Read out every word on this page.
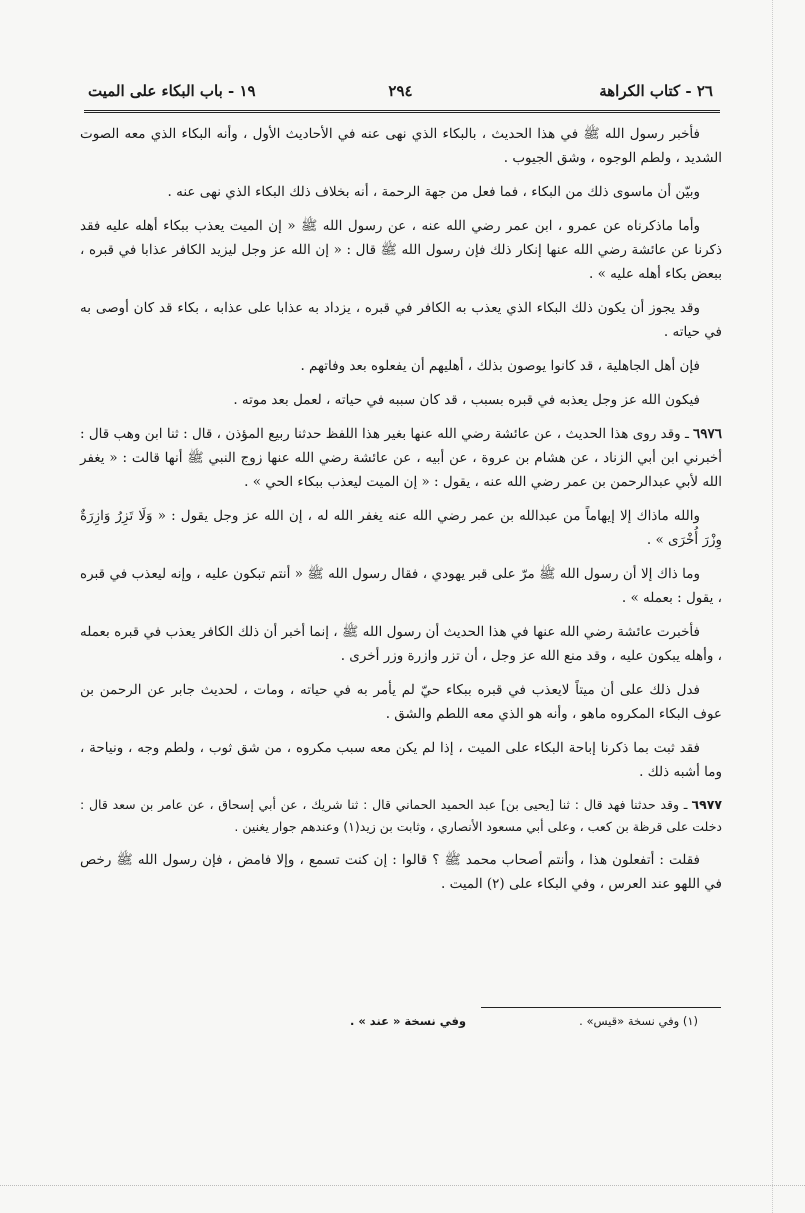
٢٦ - كتاب الكراهة
٢٩٤
١٩ - باب البكاء على الميت

فأخبر رسول الله ﷺ في هذا الحديث ، بالبكاء الذي نهى عنه في الأحاديث الأول ، وأنه البكاء الذي معه الصوت الشديد ، ولطم الوجوه ، وشق الجيوب .

وبيّن أن ماسوى ذلك من البكاء ، فما فعل من جهة الرحمة ، أنه بخلاف ذلك البكاء الذي نهى عنه .

وأما ماذكرناه عن عمرو ، ابن عمر رضي الله عنه ، عن رسول الله ﷺ « إن الميت يعذب ببكاء أهله عليه فقد ذكرنا عن عائشة رضي الله عنها إنكار ذلك فإن رسول الله ﷺ قال : « إن الله عز وجل ليزيد الكافر عذابا في قبره ، ببعض بكاء أهله عليه » .

وقد يجوز أن يكون ذلك البكاء الذي يعذب به الكافر في قبره ، يزداد به عذابا على عذابه ، بكاء قد كان أوصى به في حياته .

فإن أهل الجاهلية ، قد كانوا يوصون بذلك ، أهليهم أن يفعلوه بعد وفاتهم .

فيكون الله عز وجل يعذبه في قبره بسبب ، قد كان سببه في حياته ، لعمل بعد موته .

٦٩٧٦ـ وقد روى هذا الحديث ، عن عائشة رضي الله عنها بغير هذا اللفظ حدثنا ربيع المؤذن ، قال : ثنا ابن وهب قال : أخبرني ابن أبي الزناد ، عن هشام بن عروة ، عن أبيه ، عن عائشة رضي الله عنها زوج النبي ﷺ أنها قالت : « يغفر الله لأبي عبدالرحمن بن عمر رضي الله عنه ، يقول : « إن الميت ليعذب ببكاء الحي » .

والله ماذاك إلا إيهاماً من عبدالله بن عمر رضي الله عنه يغفر الله له ، إن الله عز وجل يقول : « وَلَا تَزِرُ وَازِرَةٌ وِزْرَ أُخْرَى » .

وما ذاك إلا أن رسول الله ﷺ مرّ على قبر يهودي ، فقال رسول الله ﷺ « أنتم تبكون عليه ، وإنه ليعذب في قبره ، يقول : بعمله » .

فأخبرت عائشة رضي الله عنها في هذا الحديث أن رسول الله ﷺ ، إنما أخبر أن ذلك الكافر يعذب في قبره بعمله ، وأهله يبكون عليه ، وقد منع الله عز وجل ، أن تزر وازرة وزر أخرى .

فدل ذلك على أن ميتاً لايعذب في قبره ببكاء حيّ لم يأمر به في حياته ، ومات ، لحديث جابر عن الرحمن بن عوف البكاء المكروه ماهو ، وأنه هو الذي معه اللطم والشق .

فقد ثبت بما ذكرنا إباحة البكاء على الميت ، إذا لم يكن معه سبب مكروه ، من شق ثوب ، ولطم وجه ، ونياحة ، وما أشبه ذلك .

٦٩٧٧ـ وقد حدثنا فهد قال : ثنا [يحيى بن] عبد الحميد الحماني قال : ثنا شريك ، عن أبي إسحاق ، عن عامر بن سعد قال : دخلت على قرظة بن كعب ، وعلى أبي مسعود الأنصاري ، وثابت بن زيد(١) وعندهم جوار يغنين .

فقلت : أتفعلون هذا ، وأنتم أصحاب محمد ﷺ ؟ قالوا : إن كنت تسمع ، وإلا فامض ، فإن رسول الله ﷺ رخص في اللهو عند العرس ، وفي البكاء على (٢) الميت .

(١) وفي نسخة «قيس» .
وفي نسخة « عند » .
